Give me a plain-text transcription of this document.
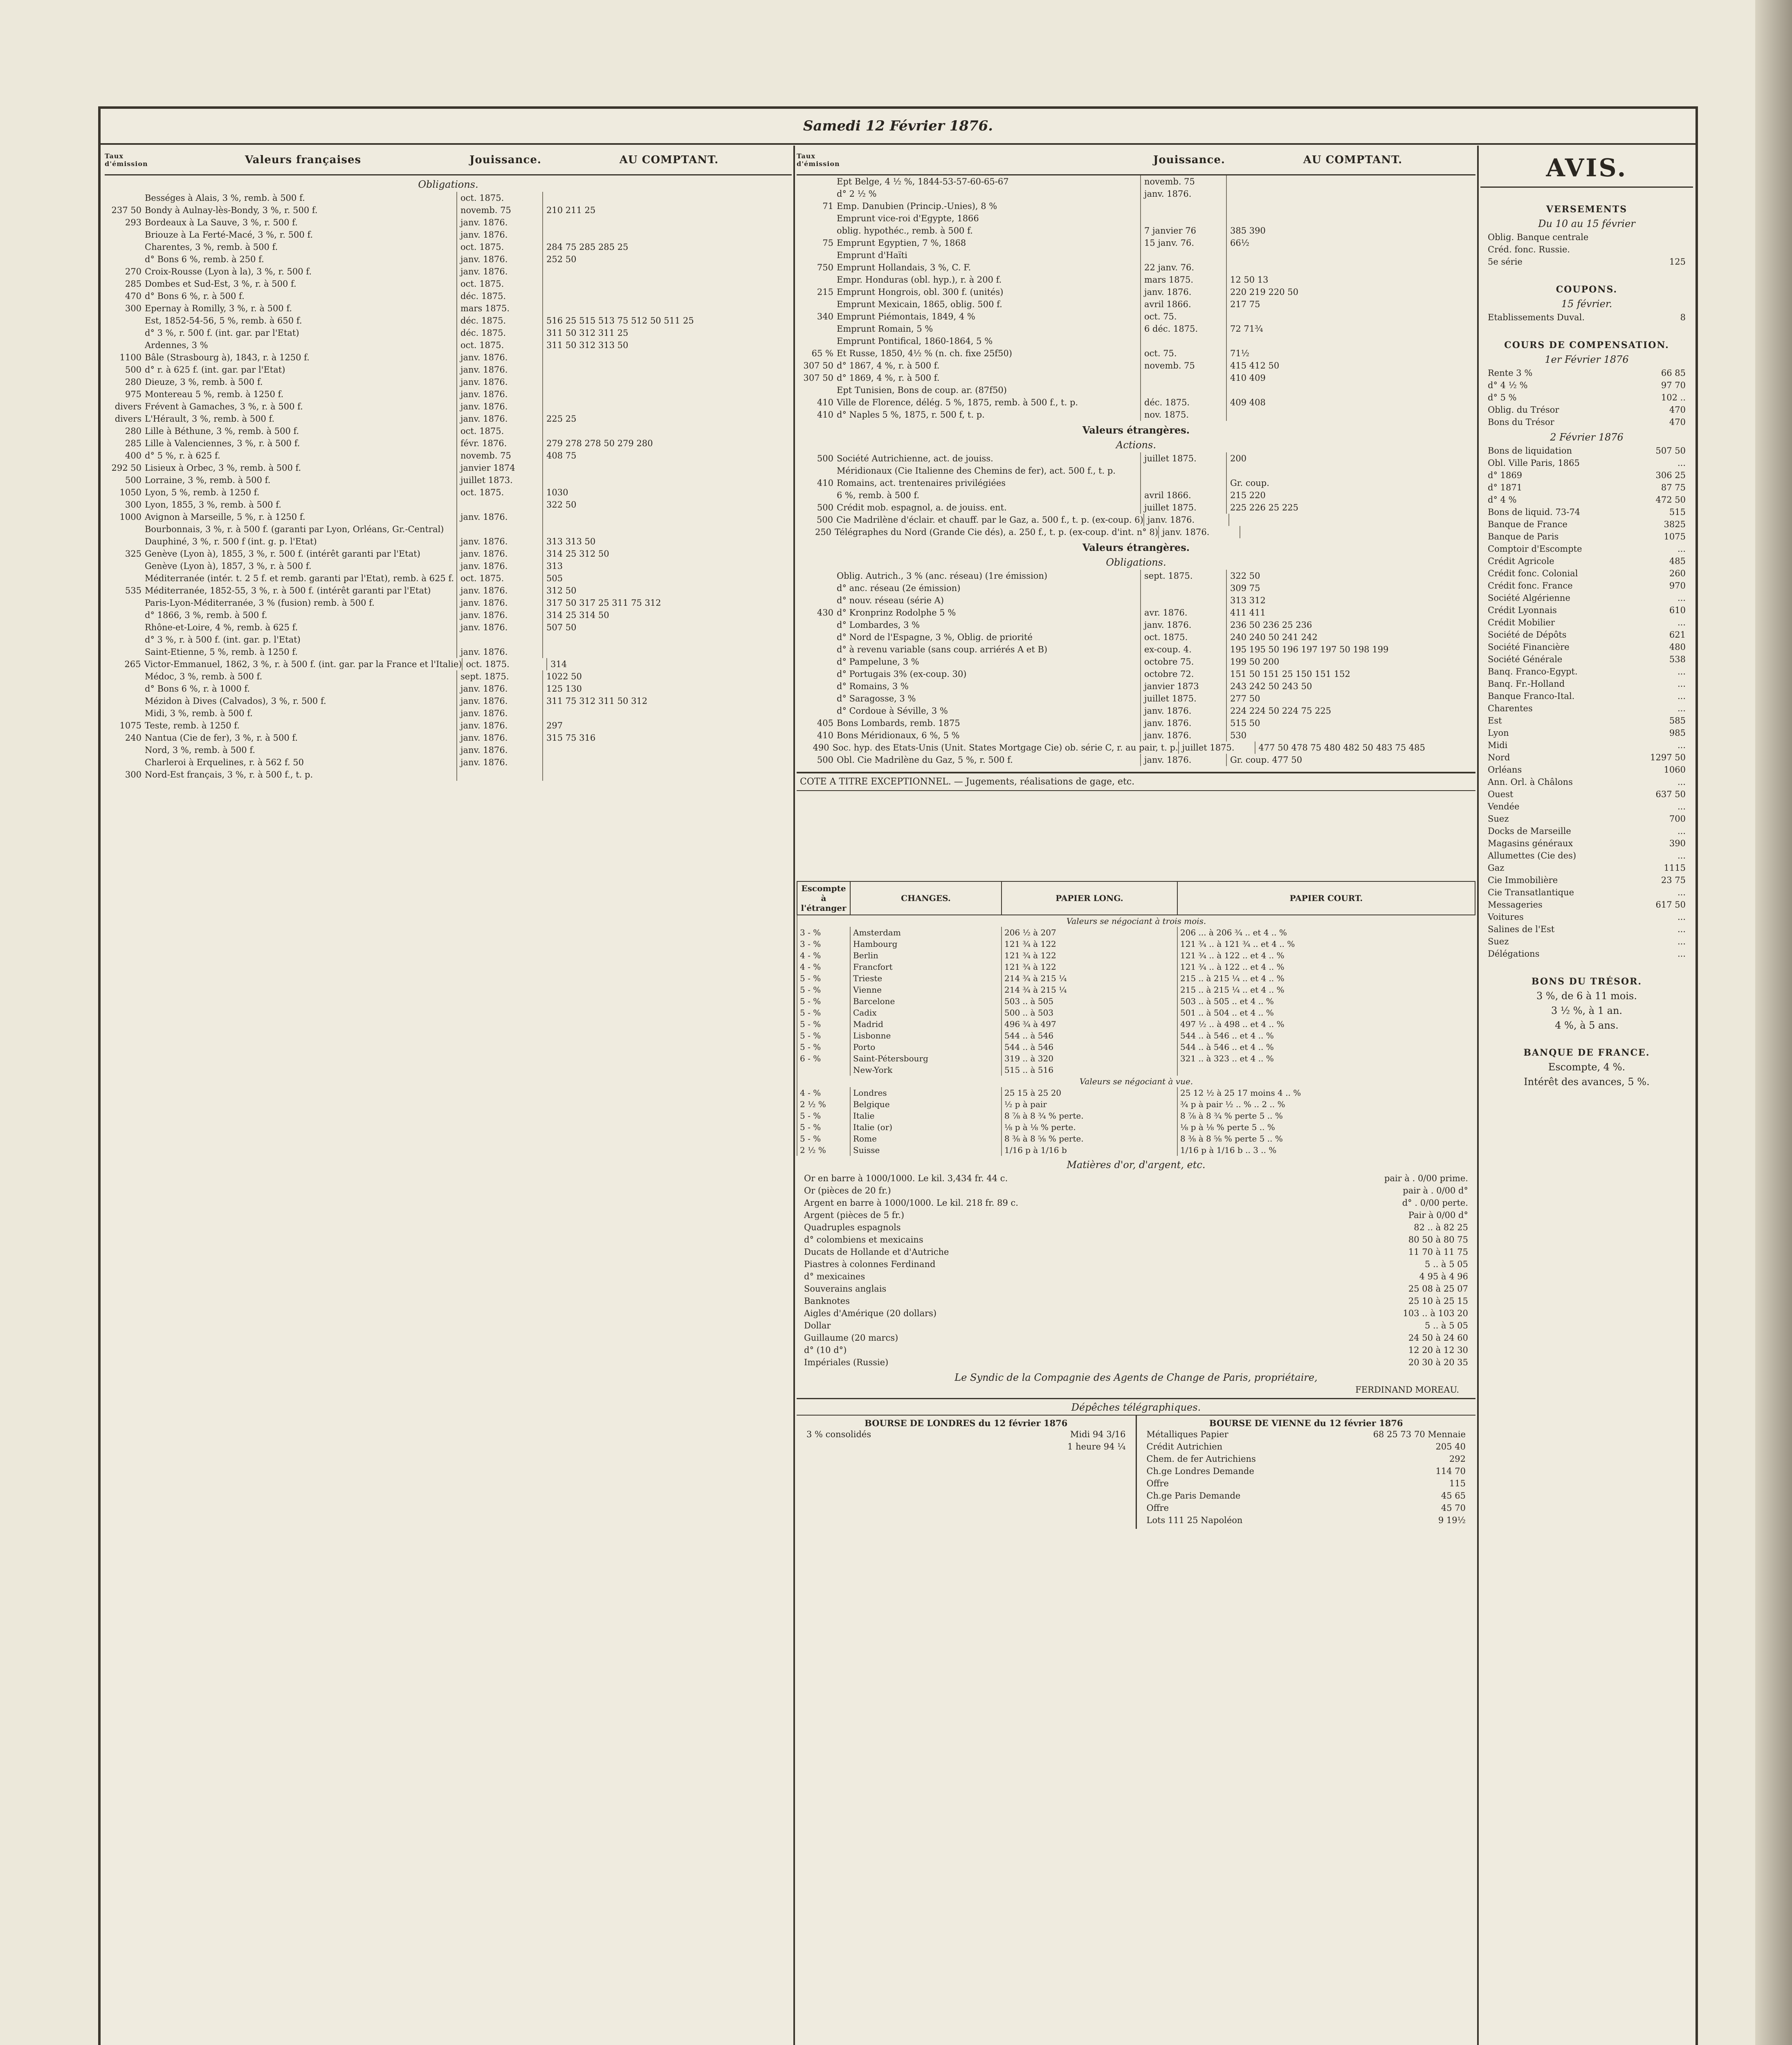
Samedi 12 Février 1876.
Taux d'émission	Valeurs françaises	Jouissance.	AU COMPTANT.
Obligations.
Bességes à Alais, 3 %, remb. à 500 f.	oct. 1875.
237 50 Bondy à Aulnay-lès-Bondy, 3 %, r. 500 f.	novemb. 75	210 211 25
293 Bordeaux à La Sauve, 3 %, r. 500 f.	janv. 1876.
Briouze à La Ferté-Macé, 3 %, r. 500 f.	janv. 1876.
Charentes, 3 %, remb. à 500 f.	oct. 1875.	284 75 285 285 25
d° Bons 6 %, remb. à 250 f.	janv. 1876.	252 50
270 Croix-Rousse (Lyon à la), 3 %, r. 500 f.	janv. 1876.
285 Dombes et Sud-Est, 3 %, r. à 500 f.	oct. 1875.
470 d° Bons 6 %, r. à 500 f.	déc. 1875.
300 Epernay à Romilly, 3 %, r. à 500 f.	mars 1875.
Est, 1852-54-56, 5 %, remb. à 650 f.	déc. 1875.	516 25 515 513 75 512 50 511 25
d° 3 %, r. 500 f. (int. gar. par l'Etat)	déc. 1875.	311 50 312 311 25
Ardennes, 3 %	oct. 1875.	311 50 312 313 50
1100 Bâle (Strasbourg à), 1843, r. à 1250 f.	janv. 1876.
500 d° r. à 625 f. (int. gar. par l'Etat)	janv. 1876.
280 Dieuze, 3 %, remb. à 500 f.	janv. 1876.
975 Montereau 5 %, remb. à 1250 f.	janv. 1876.
divers Frévent à Gamaches, 3 %, r. à 500 f.	janv. 1876.
divers L'Hérault, 3 %, remb. à 500 f.	janv. 1876.	225 25
280 Lille à Béthune, 3 %, remb. à 500 f.	oct. 1875.
285 Lille à Valenciennes, 3 %, r. à 500 f.	févr. 1876.	279 278 278 50 279 280
400 d° 5 %, r. à 625 f.	novemb. 75	408 75
292 50 Lisieux à Orbec, 3 %, remb. à 500 f.	janvier 1874
500 Lorraine, 3 %, remb. à 500 f.	juillet 1873.
1050 Lyon, 5 %, remb. à 1250 f.	oct. 1875.	1030
300 Lyon, 1855, 3 %, remb. à 500 f.	322 50
1000 Avignon à Marseille, 5 %, r. à 1250 f.	janv. 1876.
Bourbonnais, 3 %, r. à 500 f. (garanti par Lyon, Orléans, Gr.-Central)
Dauphiné, 3 %, r. 500 f (int. g. p. l'Etat)	janv. 1876.	313 313 50
325 Genève (Lyon à), 1855, 3 %, r. 500 f. (intérêt garanti par l'Etat)	janv. 1876.	314 25 312 50
Genève (Lyon à), 1857, 3 %, r. à 500 f.	janv. 1876.	313
Méditerranée (intér. t. 2 5 f. et remb. garanti par l'Etat), remb. à 625 f. oct. 1875.	505
535 Méditerranée, 1852-55, 3 %, r. à 500 f. (intérêt garanti par l'Etat)	janv. 1876.	312 50
Paris-Lyon-Méditerranée, 3 % (fusion) remb. à 500 f.	janv. 1876.	317 50 317 25 311 75 312
d° 1866, 3 %, remb. à 500 f.	janv. 1876.	314 25 314 50
Rhône-et-Loire, 4 %, remb. à 625 f.	janv. 1876.	507 50
d° 3 %, r. à 500 f. (int. gar. p. l'Etat)
Saint-Etienne, 5 %, remb. à 1250 f.	janv. 1876.
265 Victor-Emmanuel, 1862, 3 %, r. à 500 f. (int. gar. par la France et l'Italie) oct. 1875.	314
Médoc, 3 %, remb. à 500 f.	sept. 1875.	1022 50
d° Bons 6 %, r. à 1000 f.	janv. 1876.	125 130
Mézidon à Dives (Calvados), 3 %, r. 500 f.	janv. 1876.	311 75 312 311 50 312
Midi, 3 %, remb. à 500 f.	janv. 1876.
1075 Teste, remb. à 1250 f.	janv. 1876.	297
240 Nantua (Cie de fer), 3 %, r. à 500 f.	janv. 1876.	315 75 316
Nord, 3 %, remb. à 500 f.	janv. 1876.
Charleroi à Erquelines, r. à 562 f. 50	janv. 1876.
300 Nord-Est français, 3 %, r. à 500 f., t. p.
Taux d'émission	Jouissance.	AU COMPTANT.
Ept Belge, 4 ½ %, 1844-53-57-60-65-67	novemb. 75
d° 2 ½ %	janv. 1876.
71 Emp. Danubien (Princip.-Unies), 8 %
Emprunt vice-roi d'Egypte, 1866
oblig. hypothéc., remb. à 500 f.	7 janvier 76	385 390
75 Emprunt Egyptien, 7 %, 1868	15 janv. 76.	66½
Emprunt d'Haïti
750 Emprunt Hollandais, 3 %, C. F.	22 janv. 76.
Empr. Honduras (obl. hyp.), r. à 200 f.	mars 1875.	12 50 13
215 Emprunt Hongrois, obl. 300 f. (unités)	janv. 1876.	220 219 220 50
Emprunt Mexicain, 1865, oblig. 500 f.	avril 1866.	217 75
340 Emprunt Piémontais, 1849, 4 %	oct. 75.
Emprunt Romain, 5 %	6 déc. 1875.	72 71¾
Emprunt Pontifical, 1860-1864, 5 %
65 % Et Russe, 1850, 4½ % (n. ch. fixe 25f50)	oct. 75.	71½
307 50 d° 1867, 4 %, r. à 500 f.	novemb. 75	415 412 50
307 50 d° 1869, 4 %, r. à 500 f.	410 409
Ept Tunisien, Bons de coup. ar. (87f50)
410 Ville de Florence, délég. 5 %, 1875, remb. à 500 f., t. p.	déc. 1875.	409 408
410 d° Naples 5 %, 1875, r. 500 f, t. p.	nov. 1875.
Valeurs étrangères.
Actions.
500 Société Autrichienne, act. de jouiss.	juillet 1875.	200
Méridionaux (Cie Italienne des Chemins de fer), act. 500 f., t. p.
410 Romains, act. trentenaires privilégiées	Gr. coup.
6 %, remb. à 500 f.	avril 1866.	215 220
500 Crédit mob. espagnol, a. de jouiss. ent.	juillet 1875.	225 226 25 225
500 Cie Madrilène d'éclair. et chauff. par le Gaz, a. 500 f., t. p. (ex-coup. 6) janv. 1876.
250 Télégraphes du Nord (Grande Cie dés), a. 250 f., t. p. (ex-coup. d'int. n° 8) janv. 1876.
Valeurs étrangères.
Obligations.
Oblig. Autrich., 3 % (anc. réseau) (1re émission)	sept. 1875.	322 50
d° anc. réseau (2e émission)	309 75
d° nouv. réseau (série A)	313 312
430 d° Kronprinz Rodolphe 5 %	avr. 1876.	411 411
d° Lombardes, 3 %	janv. 1876.	236 50 236 25 236
d° Nord de l'Espagne, 3 %, Oblig. de priorité	oct. 1875.	240 240 50 241 242
d° à revenu variable (sans coup. arriérés A et B)	ex-coup. 4.	195 195 50 196 197 197 50 198 199
d° Pampelune, 3 %	octobre 75.	199 50 200
d° Portugais 3% (ex-coup. 30)	octobre 72.	151 50 151 25 150 151 152
d° Romains, 3 %	janvier 1873	243 242 50 243 50
d° Saragosse, 3 %	juillet 1875.	277 50
d° Cordoue à Séville, 3 %	janv. 1876.	224 224 50 224 75 225
405 Bons Lombards, remb. 1875	janv. 1876.	515 50
410 Bons Méridionaux, 6 %, 5 %	janv. 1876.	530
490 Soc. hyp. des Etats-Unis (Unit. States Mortgage Cie) ob. série C, r. au pair, t. p. juillet 1875.	477 50 478 75 480 482 50 483 75 485
500 Obl. Cie Madrilène du Gaz, 5 %, r. 500 f.	janv. 1876.	Gr. coup. 477 50
COTE A TITRE EXCEPTIONNEL. — Jugements, réalisations de gage, etc.
Escompte à l'étranger	CHANGES.	PAPIER LONG.	PAPIER COURT.
Valeurs se négociant à trois mois.			
3 - %	Amsterdam	206 ½ à 207	206 ... à 206 ¾ .. et 4 .. %
3 - %	Hambourg	121 ¾ à 122	121 ¾ .. à 121 ¾ .. et 4 .. %
4 - %	Berlin	121 ¾ à 122	121 ¾ .. à 122 .. et 4 .. %
4 - %	Francfort	121 ¾ à 122	121 ¾ .. à 122 .. et 4 .. %
5 - %	Trieste	214 ¾ à 215 ¼	215 .. à 215 ¼ .. et 4 .. %
5 - %	Vienne	214 ¾ à 215 ¼	215 .. à 215 ¼ .. et 4 .. %
5 - %	Barcelone	503 .. à 505	503 .. à 505 .. et 4 .. %
5 - %	Cadix	500 .. à 503	501 .. à 504 .. et 4 .. %
5 - %	Madrid	496 ¾ à 497	497 ½ .. à 498 .. et 4 .. %
5 - %	Lisbonne	544 .. à 546	544 .. à 546 .. et 4 .. %
5 - %	Porto	544 .. à 546	544 .. à 546 .. et 4 .. %
6 - %	Saint-Pétersbourg	319 .. à 320	321 .. à 323 .. et 4 .. %
	New-York	515 .. à 516	
Valeurs se négociant à vue.			
4 - %	Londres	25 15 à 25 20	25 12 ½ à 25 17 moins 4 .. %
2 ½ %	Belgique	½ p à pair	¾ p à pair ½ .. % .. 2 .. %
5 - %	Italie	8 ⅞ à 8 ¾ % perte.	8 ⅞ à 8 ¾ % perte 5 .. %
5 - %	Italie (or)	⅛ p à ⅛ % perte.	⅛ p à ⅛ % perte 5 .. %
5 - %	Rome	8 ⅜ à 8 ⅝ % perte.	8 ⅜ à 8 ⅝ % perte 5 .. %
2 ½ %	Suisse	1/16 p à 1/16 b	1/16 p à 1/16 b .. 3 .. %
Matières d'or, d'argent, etc.
Or en barre à 1000/1000. Le kil. 3,434 fr. 44 c.	pair à . 0/00 prime.
Or (pièces de 20 fr.)	pair à . 0/00 d°
Argent en barre à 1000/1000. Le kil. 218 fr. 89 c.	d° . 0/00 perte.
Argent (pièces de 5 fr.)	Pair à 0/00 d°
Quadruples espagnols	82 .. à 82 25
d° colombiens et mexicains	80 50 à 80 75
Ducats de Hollande et d'Autriche	11 70 à 11 75
Piastres à colonnes Ferdinand	5 .. à 5 05
d° mexicaines	4 95 à 4 96
Souverains anglais	25 08 à 25 07
Banknotes	25 10 à 25 15
Aigles d'Amérique (20 dollars)	103 .. à 103 20
Dollar	5 .. à 5 05
Guillaume (20 marcs)	24 50 à 24 60
d° (10 d°)	12 20 à 12 30
Impériales (Russie)	20 30 à 20 35
Le Syndic de la Compagnie des Agents de Change de Paris, propriétaire,
FERDINAND MOREAU.
Dépêches télégraphiques.
BOURSE DE LONDRES du 12 février 1876
3 % consolidés	Midi 94 3/16
1 heure 94 ¼
BOURSE DE VIENNE du 12 février 1876
Métalliques Papier	68 25 73 70 Mennaie
Crédit Autrichien	205 40
Chem. de fer Autrichiens	292
Ch.ge Londres Demande	114 70
Offre	115
Ch.ge Paris Demande	45 65
Offre	45 70
Lots 111 25 Napoléon	9 19½
AVIS.
VERSEMENTS
Du 10 au 15 février
Oblig. Banque centrale
Créd. fonc. Russie.
5e série	125
COUPONS.
15 février.
Etablissements Duval.	8
COURS DE COMPENSATION.
1er Février 1876
Rente 3 %	66 85
d° 4 ½ %	97 70
d° 5 %	102 ..
Oblig. du Trésor	470
Bons du Trésor	470
2 Février 1876
Bons de liquidation	507 50
Obl. Ville Paris, 1865	...
d° 1869	306 25
d° 1871	87 75
d° 4 %	472 50
Bons de liquid. 73-74	515
Banque de France	3825
Banque de Paris	1075
Comptoir d'Escompte	...
Crédit Agricole	485
Crédit fonc. Colonial	260
Crédit fonc. France	970
Société Algérienne	...
Crédit Lyonnais	610
Crédit Mobilier	...
Société de Dépôts	621
Société Financière	480
Société Générale	538
Banq. Franco-Egypt.	...
Banq. Fr.-Holland	...
Banque Franco-Ital.	...
Charentes	...
Est	585
Lyon	985
Midi	...
Nord	1297 50
Orléans	1060
Ann. Orl. à Châlons	...
Ouest	637 50
Vendée	...
Suez	700
Docks de Marseille	...
Magasins généraux	390
Allumettes (Cie des)	...
Gaz	1115
Cie Immobilière	23 75
Cie Transatlantique	...
Messageries	617 50
Voitures	...
Salines de l'Est	...
Suez	...
Délégations	...
BONS DU TRÉSOR.
3 %, de 6 à 11 mois.
3 ½ %, à 1 an.
4 %, à 5 ans.
BANQUE DE FRANCE.
Escompte, 4 %.
Intérêt des avances, 5 %.
